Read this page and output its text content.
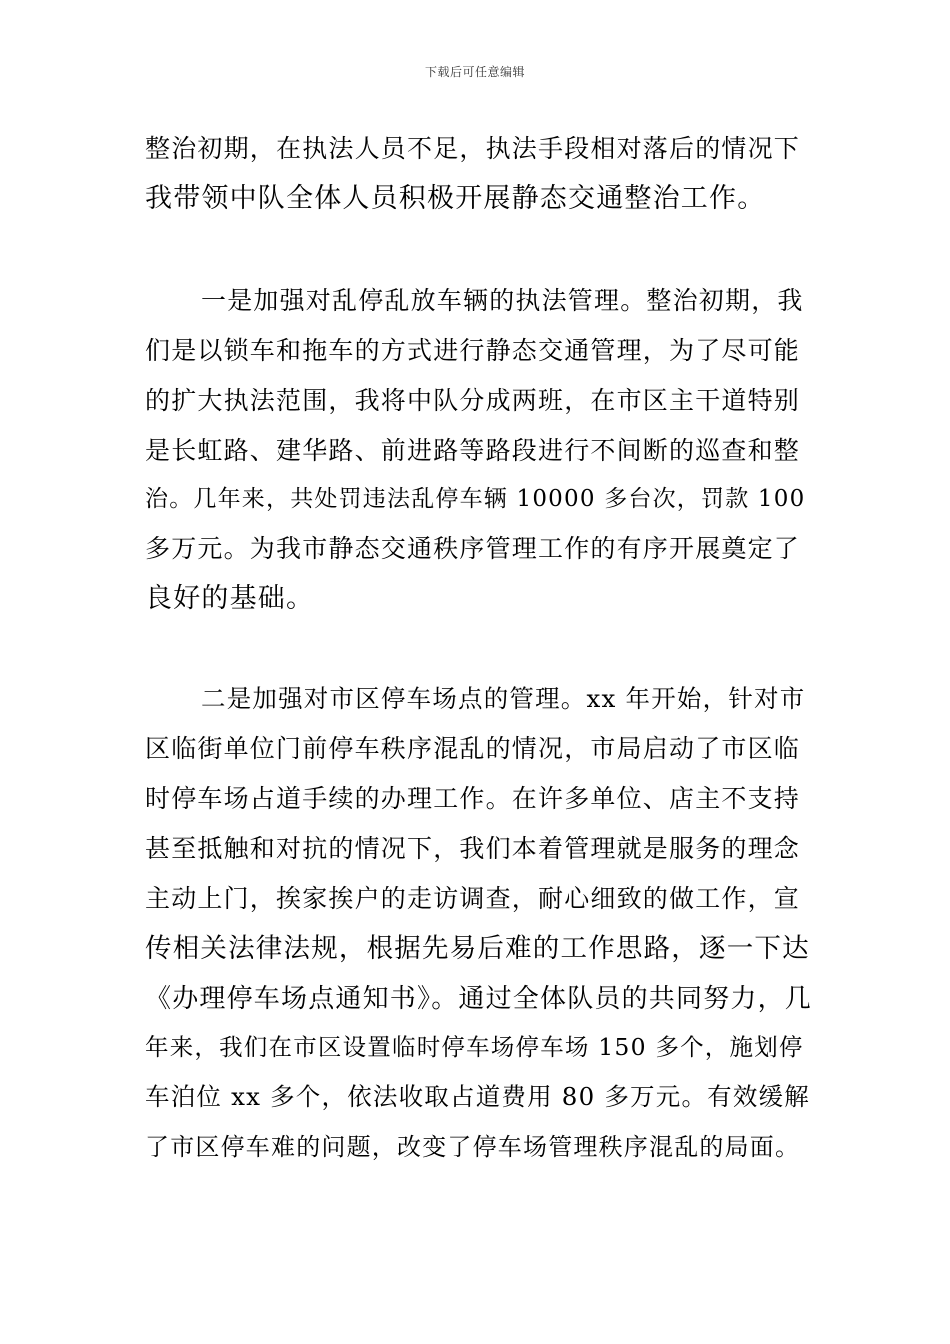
下载后可任意编辑
整治初期，在执法人员不足，执法手段相对落后的情况下
我带领中队全体人员积极开展静态交通整治工作。
一是加强对乱停乱放车辆的执法管理。整治初期，我
们是以锁车和拖车的方式进行静态交通管理，为了尽可能
的扩大执法范围，我将中队分成两班，在市区主干道特别
是长虹路、建华路、前进路等路段进行不间断的巡查和整
治。几年来，共处罚违法乱停车辆 10000 多台次，罚款 100
多万元。为我市静态交通秩序管理工作的有序开展奠定了
良好的基础。
二是加强对市区停车场点的管理。xx 年开始，针对市
区临街单位门前停车秩序混乱的情况，市局启动了市区临
时停车场占道手续的办理工作。在许多单位、店主不支持
甚至抵触和对抗的情况下，我们本着管理就是服务的理念
主动上门，挨家挨户的走访调查，耐心细致的做工作，宣
传相关法律法规，根据先易后难的工作思路，逐一下达
《办理停车场点通知书》。通过全体队员的共同努力，几
年来，我们在市区设置临时停车场停车场 150 多个，施划停
车泊位 xx 多个，依法收取占道费用 80 多万元。有效缓解
了市区停车难的问题，改变了停车场管理秩序混乱的局面。
